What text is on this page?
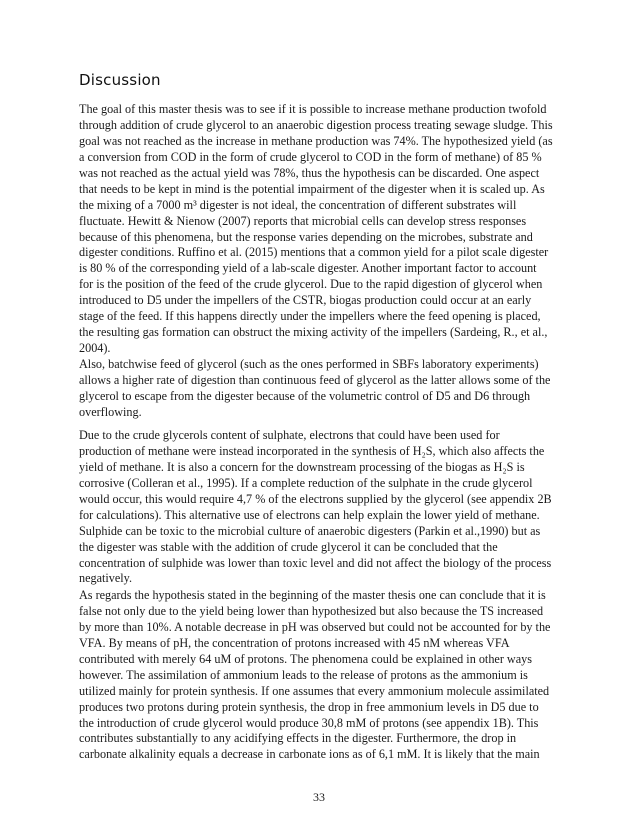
Discussion
The goal of this master thesis was to see if it is possible to increase methane production twofold
through addition of crude glycerol to an anaerobic digestion process treating sewage sludge. This
goal was not reached as the increase in methane production was 74%. The hypothesized yield (as
a conversion from COD in the form of crude glycerol to COD in the form of methane) of 85 %
was not reached as the actual yield was 78%, thus the hypothesis can be discarded. One aspect
that needs to be kept in mind is the potential impairment of the digester when it is scaled up. As
the mixing of a 7000 m³ digester is not ideal, the concentration of different substrates will
fluctuate. Hewitt & Nienow (2007) reports that microbial cells can develop stress responses
because of this phenomena, but the response varies depending on the microbes, substrate and
digester conditions. Ruffino et al. (2015) mentions that a common yield for a pilot scale digester
is 80 % of the corresponding yield of a lab-scale digester. Another important factor to account
for is the position of the feed of the crude glycerol. Due to the rapid digestion of glycerol when
introduced to D5 under the impellers of the CSTR, biogas production could occur at an early
stage of the feed. If this happens directly under the impellers where the feed opening is placed,
the resulting gas formation can obstruct the mixing activity of the impellers (Sardeing, R., et al.,
2004).
Also, batchwise feed of glycerol (such as the ones performed in SBFs laboratory experiments)
allows a higher rate of digestion than continuous feed of glycerol as the latter allows some of the
glycerol to escape from the digester because of the volumetric control of D5 and D6 through
overflowing.
Due to the crude glycerols content of sulphate, electrons that could have been used for
production of methane were instead incorporated in the synthesis of H₂S, which also affects the
yield of methane. It is also a concern for the downstream processing of the biogas as H₂S is
corrosive (Colleran et al., 1995). If a complete reduction of the sulphate in the crude glycerol
would occur, this would require 4,7 % of the electrons supplied by the glycerol (see appendix 2B
for calculations). This alternative use of electrons can help explain the lower yield of methane.
Sulphide can be toxic to the microbial culture of anaerobic digesters (Parkin et al.,1990) but as
the digester was stable with the addition of crude glycerol it can be concluded that the
concentration of sulphide was lower than toxic level and did not affect the biology of the process
negatively.
As regards the hypothesis stated in the beginning of the master thesis one can conclude that it is
false not only due to the yield being lower than hypothesized but also because the TS increased
by more than 10%. A notable decrease in pH was observed but could not be accounted for by the
VFA. By means of pH, the concentration of protons increased with 45 nM whereas VFA
contributed with merely 64 uM of protons. The phenomena could be explained in other ways
however. The assimilation of ammonium leads to the release of protons as the ammonium is
utilized mainly for protein synthesis. If one assumes that every ammonium molecule assimilated
produces two protons during protein synthesis, the drop in free ammonium levels in D5 due to
the introduction of crude glycerol would produce 30,8 mM of protons (see appendix 1B). This
contributes substantially to any acidifying effects in the digester. Furthermore, the drop in
carbonate alkalinity equals a decrease in carbonate ions as of 6,1 mM. It is likely that the main
33
